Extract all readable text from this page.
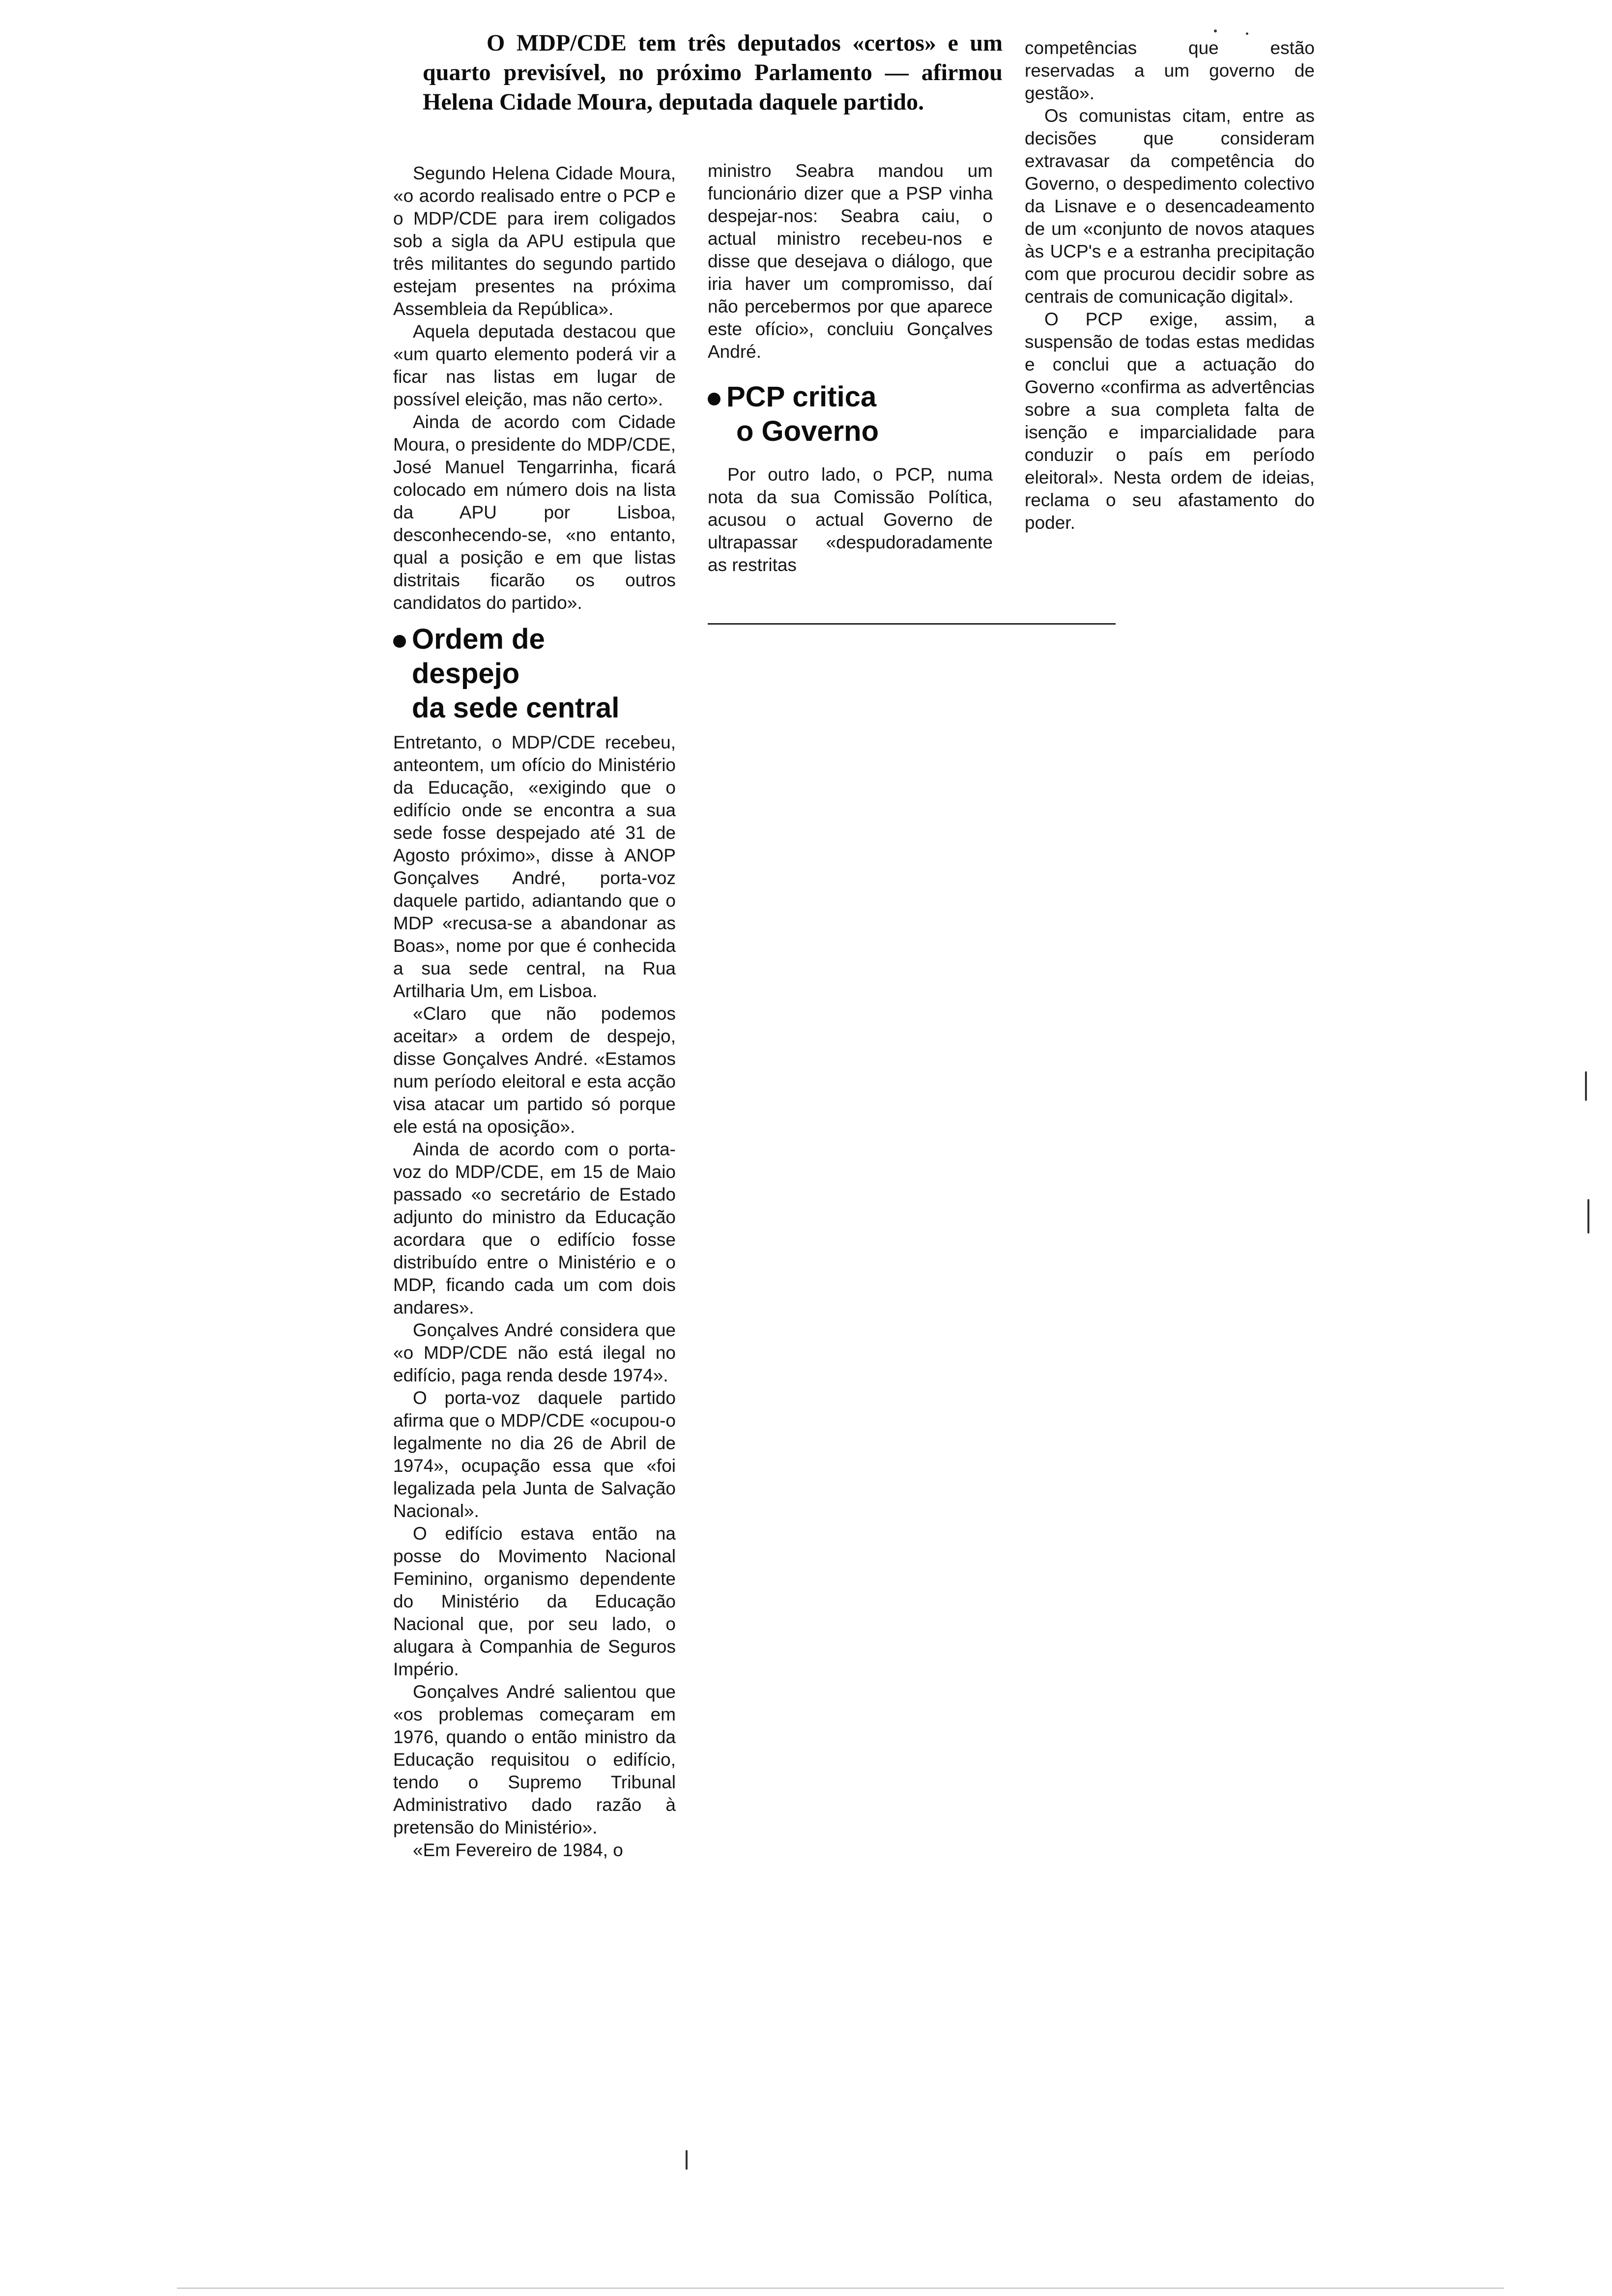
O MDP/CDE tem três deputados «certos» e um quarto previsível, no próximo Parlamento — afirmou Helena Cidade Moura, deputada daquele partido.

Segundo Helena Cidade Moura, «o acordo realisado entre o PCP e o MDP/CDE para irem coligados sob a sigla da APU estipula que três militantes do segundo partido estejam presentes na próxima Assembleia da República».

Aquela deputada destacou que «um quarto elemento poderá vir a ficar nas listas em lugar de possível eleição, mas não certo».

Ainda de acordo com Cidade Moura, o presidente do MDP/CDE, José Manuel Tengarrinha, ficará colocado em número dois na lista da APU por Lisboa, desconhecendo-se, «no entanto, qual a posição e em que listas distritais ficarão os outros candidatos do partido».

Ordem de
despejo
da sede central

Entretanto, o MDP/CDE recebeu, anteontem, um ofício do Ministério da Educação, «exigindo que o edifício onde se encontra a sua sede fosse despejado até 31 de Agosto próximo», disse à ANOP Gonçalves André, porta-voz daquele partido, adiantando que o MDP «recusa-se a abandonar as Boas», nome por que é conhecida a sua sede central, na Rua Artilharia Um, em Lisboa.

«Claro que não podemos aceitar» a ordem de despejo, disse Gonçalves André. «Estamos num período eleitoral e esta acção visa atacar um partido só porque ele está na oposição».

Ainda de acordo com o porta-voz do MDP/CDE, em 15 de Maio passado «o secretário de Estado adjunto do ministro da Educação acordara que o edifício fosse distribuído entre o Ministério e o MDP, ficando cada um com dois andares».

Gonçalves André considera que «o MDP/CDE não está ilegal no edifício, paga renda desde 1974».

O porta-voz daquele partido afirma que o MDP/CDE «ocupou-o legalmente no dia 26 de Abril de 1974», ocupação essa que «foi legalizada pela Junta de Salvação Nacional».

O edifício estava então na posse do Movimento Nacional Feminino, organismo dependente do Ministério da Educação Nacional que, por seu lado, o alugara à Companhia de Seguros Império.

Gonçalves André salientou que «os problemas começaram em 1976, quando o então ministro da Educação requisitou o edifício, tendo o Supremo Tribunal Administrativo dado razão à pretensão do Ministério».

«Em Fevereiro de 1984, o

ministro Seabra mandou um funcionário dizer que a PSP vinha despejar-nos: Seabra caiu, o actual ministro recebeu-nos e disse que desejava o diálogo, que iria haver um compromisso, daí não percebermos por que aparece este ofício», concluiu Gonçalves André.

PCP critica
o Governo

Por outro lado, o PCP, numa nota da sua Comissão Política, acusou o actual Governo de ultrapassar «despudoradamente as restritas

competências que estão reservadas a um governo de gestão».

Os comunistas citam, entre as decisões que consideram extravasar da competência do Governo, o despedimento colectivo da Lisnave e o desencadeamento de um «conjunto de novos ataques às UCP's e a estranha precipitação com que procurou decidir sobre as centrais de comunicação digital».

O PCP exige, assim, a suspensão de todas estas medidas e conclui que a actuação do Governo «confirma as advertências sobre a sua completa falta de isenção e imparcialidade para conduzir o país em período eleitoral». Nesta ordem de ideias, reclama o seu afastamento do poder.
